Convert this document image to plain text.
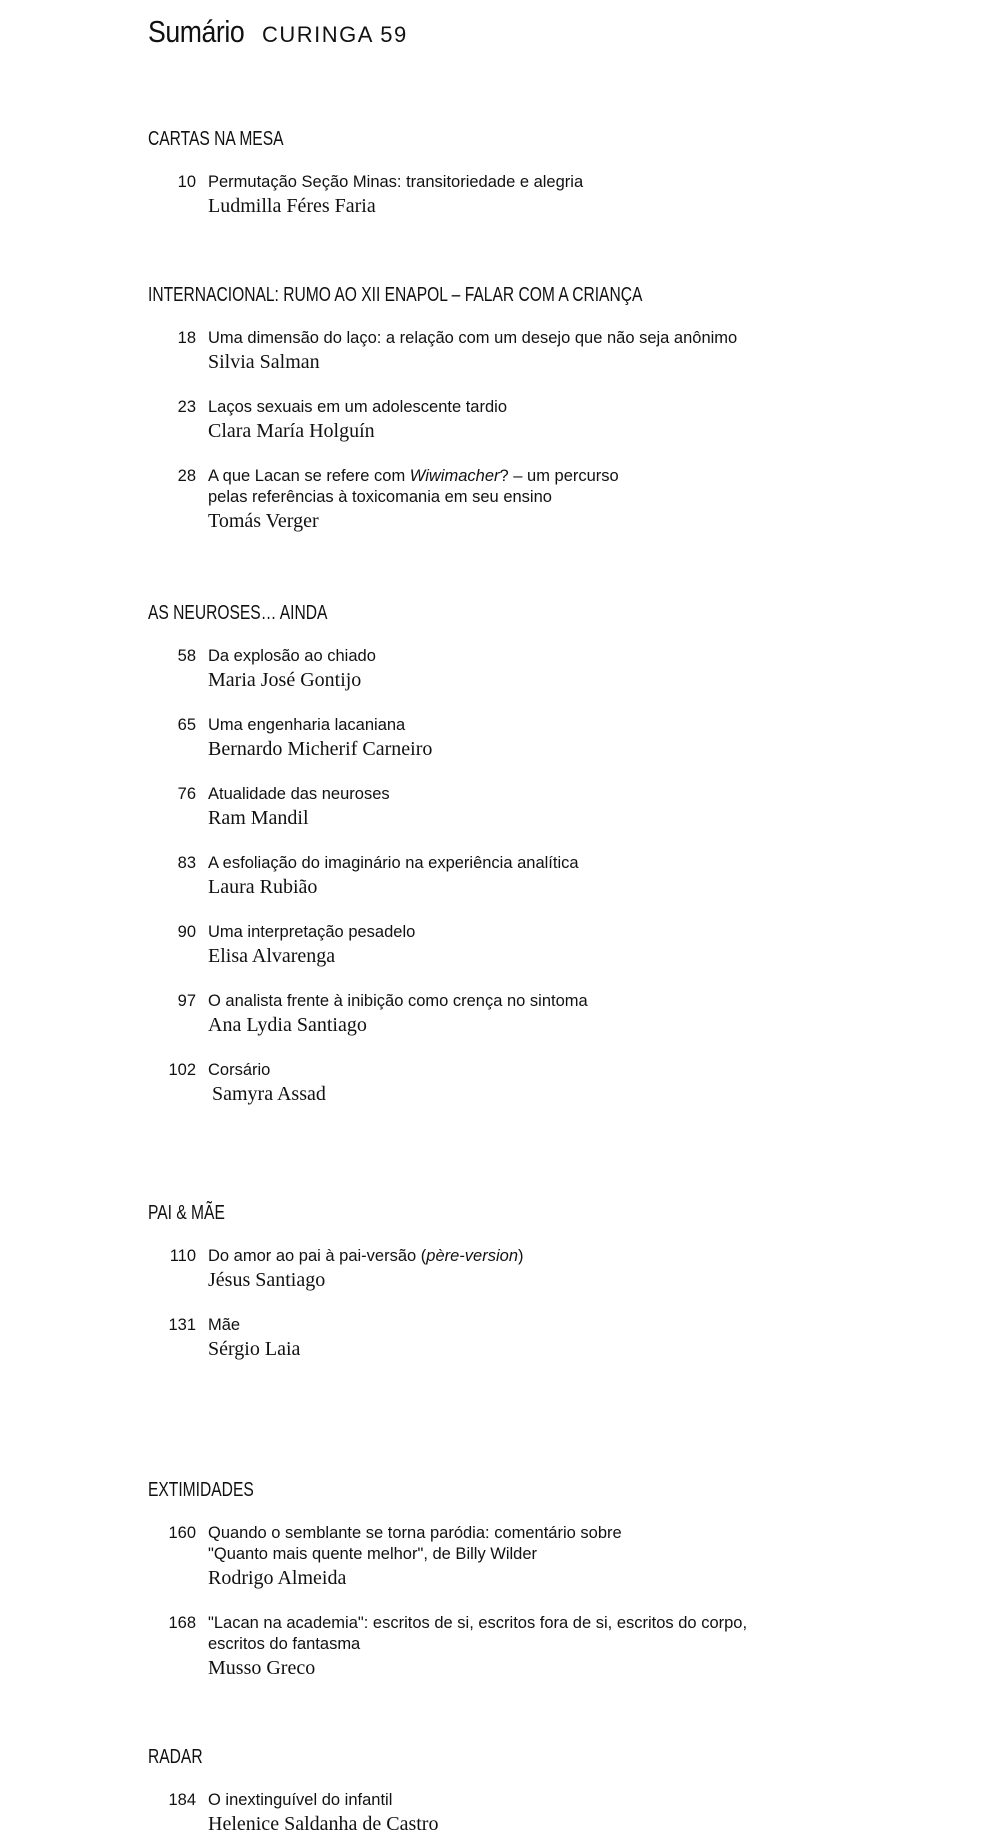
Sumário CURINGA 59
CARTAS NA MESA
10 Permutação Seção Minas: transitoriedade e alegria
Ludmilla Féres Faria
INTERNACIONAL: RUMO AO XII ENAPOL – FALAR COM A CRIANÇA
18 Uma dimensão do laço: a relação com um desejo que não seja anônimo
Silvia Salman
23 Laços sexuais em um adolescente tardio
Clara María Holguín
28 A que Lacan se refere com Wiwimacher? – um percurso
pelas referências à toxicomania em seu ensino
Tomás Verger
AS NEUROSES… AINDA
58 Da explosão ao chiado
Maria José Gontijo
65 Uma engenharia lacaniana
Bernardo Micherif Carneiro
76 Atualidade das neuroses
Ram Mandil
83 A esfoliação do imaginário na experiência analítica
Laura Rubião
90 Uma interpretação pesadelo
Elisa Alvarenga
97 O analista frente à inibição como crença no sintoma
Ana Lydia Santiago
102 Corsário
Samyra Assad
PAI & MÃE
110 Do amor ao pai à pai-versão (père-version)
Jésus Santiago
131 Mãe
Sérgio Laia
EXTIMIDADES
160 Quando o semblante se torna paródia: comentário sobre
"Quanto mais quente melhor", de Billy Wilder
Rodrigo Almeida
168 "Lacan na academia": escritos de si, escritos fora de si, escritos do corpo,
escritos do fantasma
Musso Greco
RADAR
184 O inextinguível do infantil
Helenice Saldanha de Castro
